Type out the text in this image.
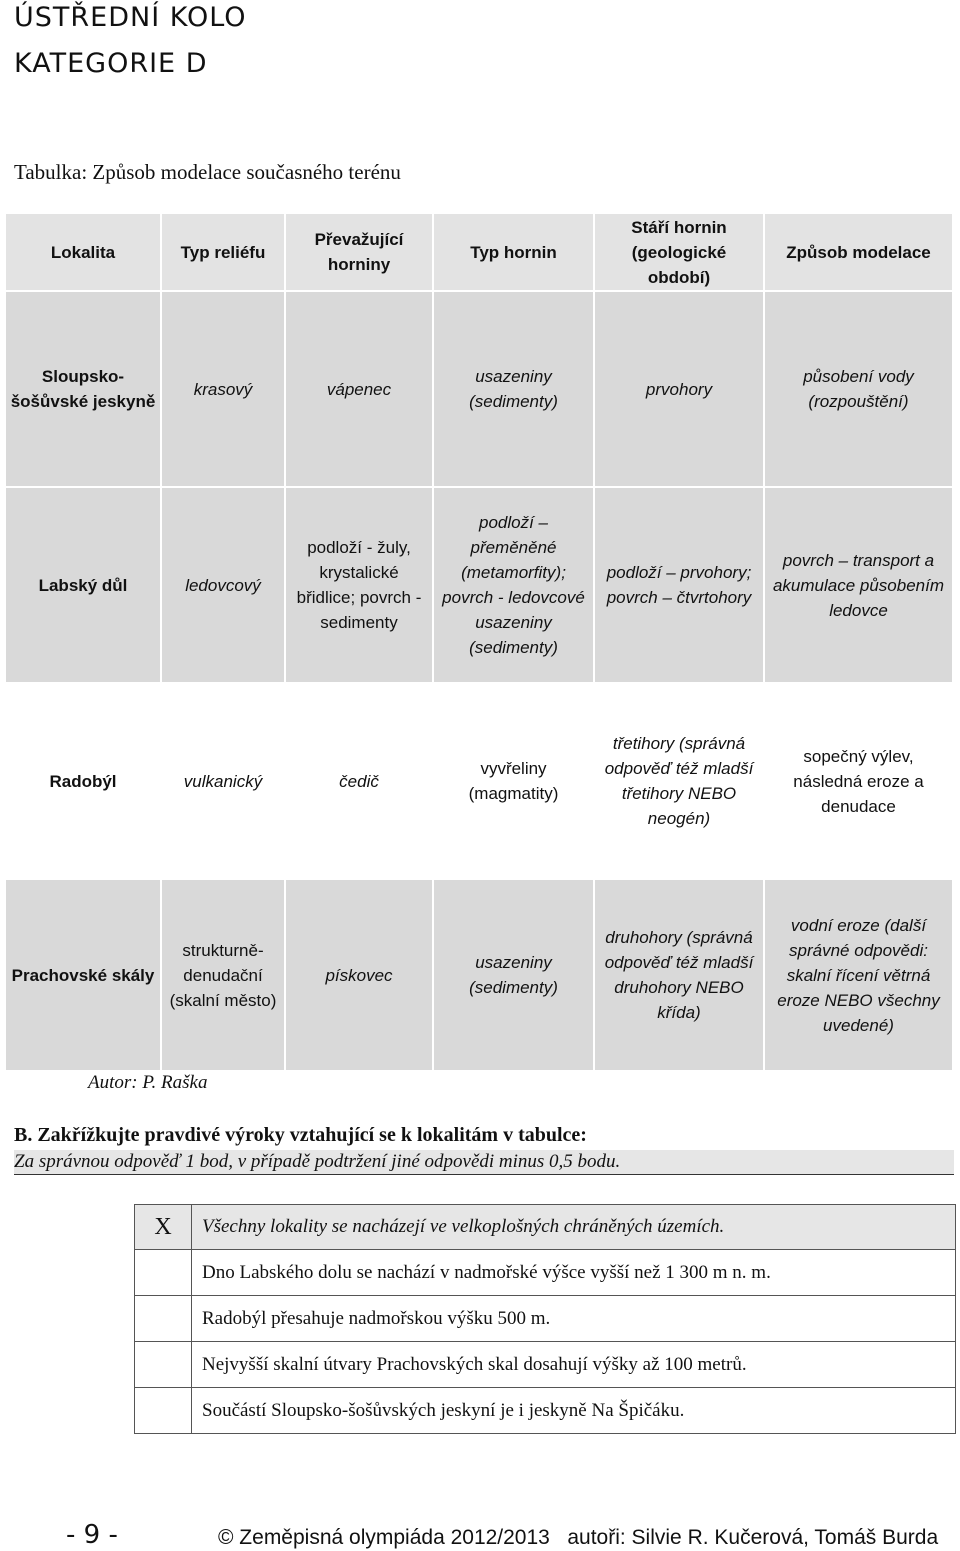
ÚSTŘEDNÍ KOLO
KATEGORIE D
Tabulka: Způsob modelace současného terénu
Lokalita	Typ reliéfu	Převažující horniny	Typ hornin	Stáří hornin (geologické období)	Způsob modelace
Sloupsko-šošůvské jeskyně	krasový	vápenec	usazeniny (sedimenty)	prvohory	působení vody (rozpouštění)
Labský důl	ledovcový	podloží - žuly, krystalické břidlice; povrch - sedimenty	podloží – přeměněné (metamorfity); povrch - ledovcové usazeniny (sedimenty)	podloží – prvohory; povrch – čtvrtohory	povrch – transport a akumulace působením ledovce
Radobýl	vulkanický	čedič	vyvřeliny (magmatity)	třetihory (správná odpověď též mladší třetihory NEBO neogén)	sopečný výlev, následná eroze a denudace
Prachovské skály	strukturně-denudační (skalní město)	pískovec	usazeniny (sedimenty)	druhohory (správná odpověď též mladší druhohory NEBO křída)	vodní eroze (další správné odpovědi: skalní řícení větrná eroze NEBO všechny uvedené)
Autor: P. Raška
B. Zakřížkujte pravdivé výroky vztahující se k lokalitám v tabulce:
Za správnou odpověď 1 bod, v případě podtržení jiné odpovědi minus 0,5 bodu.
X	Všechny lokality se nacházejí ve velkoplošných chráněných územích.
	Dno Labského dolu se nachází v nadmořské výšce vyšší než 1 300 m n. m.
	Radobýl přesahuje nadmořskou výšku 500 m.
	Nejvyšší skalní útvary Prachovských skal dosahují výšky až 100 metrů.
	Součástí Sloupsko-šošůvských jeskyní je i jeskyně Na Špičáku.
- 9 -	© Zeměpisná olympiáda 2012/2013   autoři: Silvie R. Kučerová, Tomáš Burda
